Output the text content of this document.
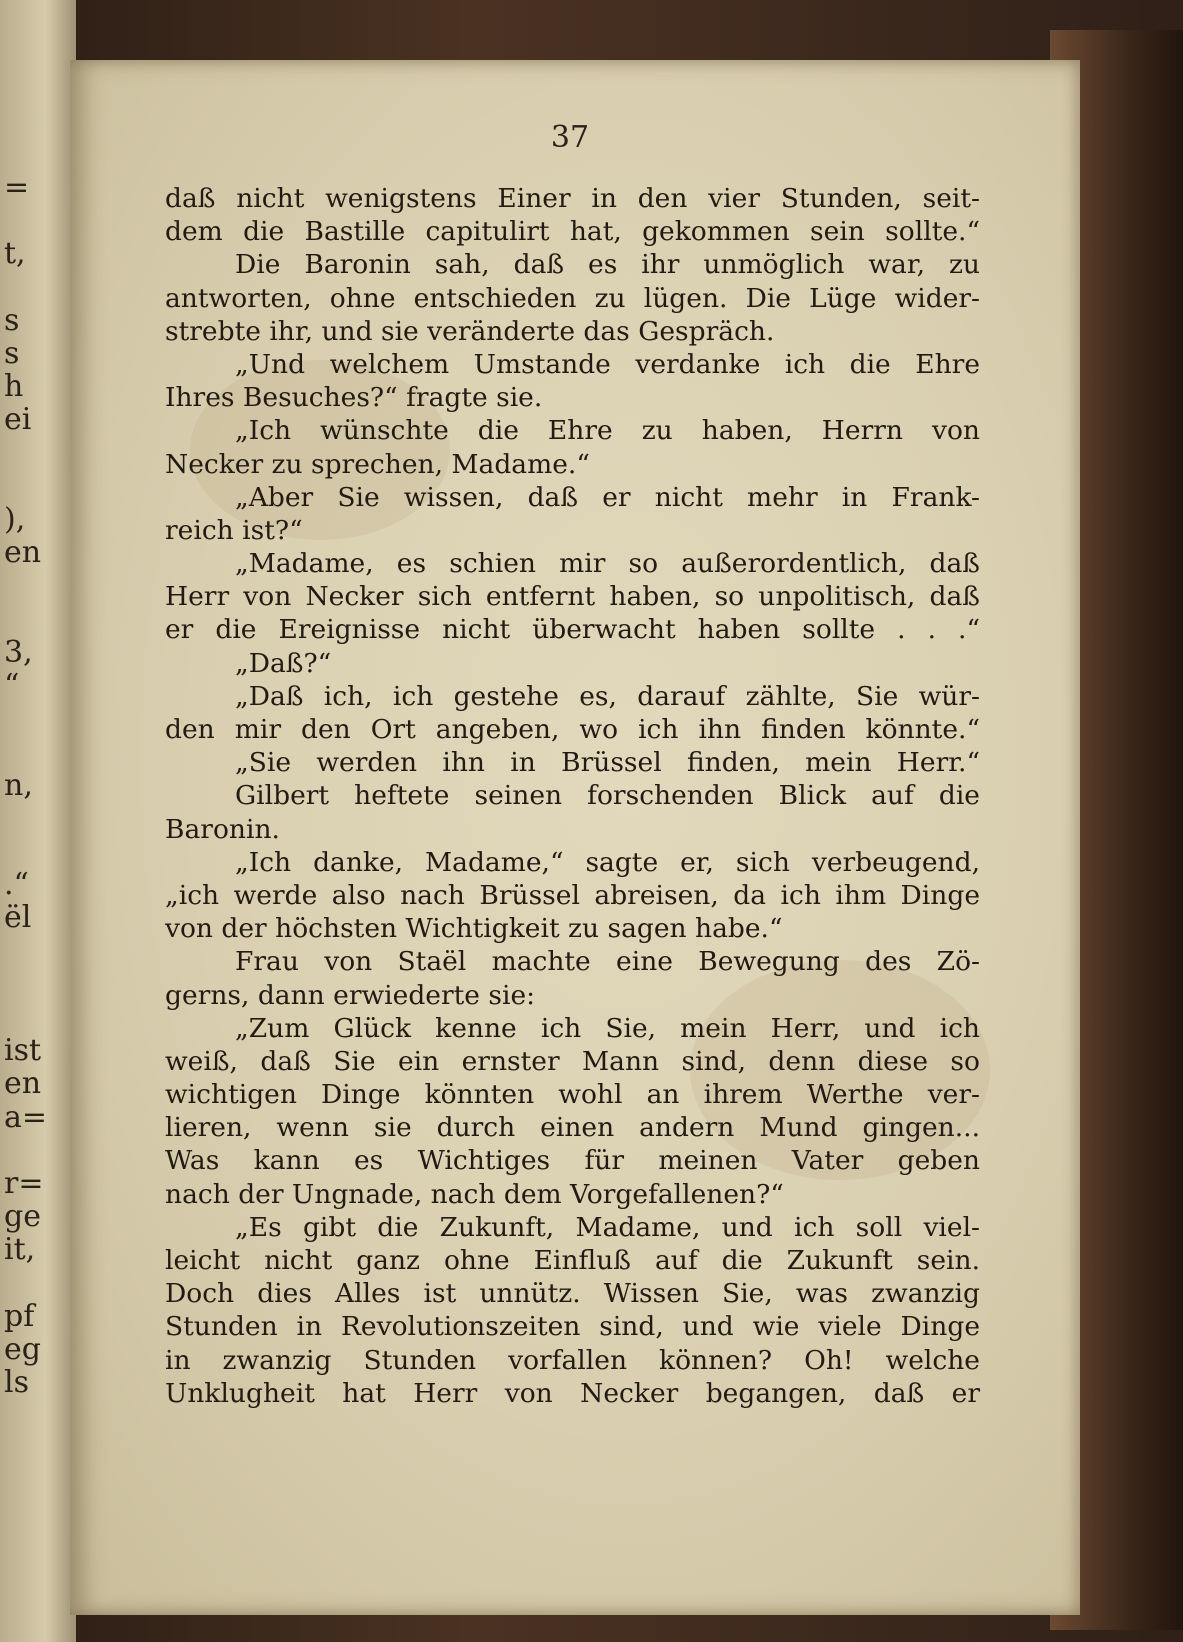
=
t,
s
s
h
ei
),
en
3,
“
n,
.“
ël
ist
en
a=
r=
ge
it,
pf
eg
ls
37
daß nicht wenigstens Einer in den vier Stunden, seit-
dem die Bastille capitulirt hat, gekommen sein sollte.“
Die Baronin sah, daß es ihr unmöglich war, zu
antworten, ohne entschieden zu lügen. Die Lüge wider-
strebte ihr, und sie veränderte das Gespräch.
„Und welchem Umstande verdanke ich die Ehre
Ihres Besuches?“ fragte sie.
„Ich wünschte die Ehre zu haben, Herrn von
Necker zu sprechen, Madame.“
„Aber Sie wissen, daß er nicht mehr in Frank-
reich ist?“
„Madame, es schien mir so außerordentlich, daß
Herr von Necker sich entfernt haben, so unpolitisch, daß
er die Ereignisse nicht überwacht haben sollte . . .“
„Daß?“
„Daß ich, ich gestehe es, darauf zählte, Sie wür-
den mir den Ort angeben, wo ich ihn finden könnte.“
„Sie werden ihn in Brüssel finden, mein Herr.“
Gilbert heftete seinen forschenden Blick auf die
Baronin.
„Ich danke, Madame,“ sagte er, sich verbeugend,
„ich werde also nach Brüssel abreisen, da ich ihm Dinge
von der höchsten Wichtigkeit zu sagen habe.“
Frau von Staël machte eine Bewegung des Zö-
gerns, dann erwiederte sie:
„Zum Glück kenne ich Sie, mein Herr, und ich
weiß, daß Sie ein ernster Mann sind, denn diese so
wichtigen Dinge könnten wohl an ihrem Werthe ver-
lieren, wenn sie durch einen andern Mund gingen...
Was kann es Wichtiges für meinen Vater geben
nach der Ungnade, nach dem Vorgefallenen?“
„Es gibt die Zukunft, Madame, und ich soll viel-
leicht nicht ganz ohne Einfluß auf die Zukunft sein.
Doch dies Alles ist unnütz. Wissen Sie, was zwanzig
Stunden in Revolutionszeiten sind, und wie viele Dinge
in zwanzig Stunden vorfallen können? Oh! welche
Unklugheit hat Herr von Necker begangen, daß er
